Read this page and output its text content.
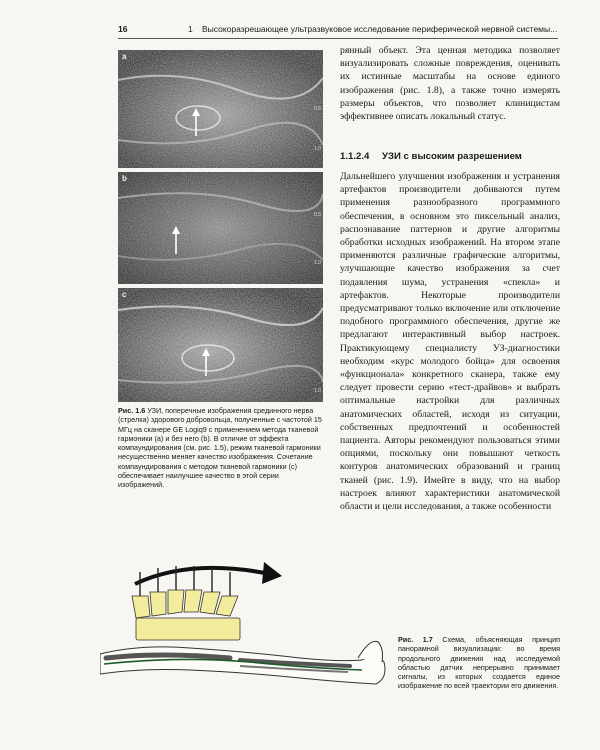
16	1 Высокоразрешающее ультразвуковое исследование периферической нервной системы...
0.5
1.0
a
0.5
1.0
b
1.0
c
Рис. 1.6 УЗИ, поперечные изображения срединного нерва (стрелка) здорового добровольца, полученные с частотой 15 МГц на сканере GE Logiq9 с применением метода тканевой гармоники (a) и без него (b). В отличие от эффекта компаундирования (см. рис. 1.5), режим тканевой гармоники несущественно меняет качество изображения. Сочетание компаундирования с методом тканевой гармоники (c) обеспечивает наилучшее качество в этой серии изображений.

рянный объект. Эта ценная методика позволяет визуализировать сложные повреждения, оценивать их истинные масштабы на основе единого изображения (рис. 1.8), а также точно измерять размеры объектов, что позволяет клиницистам эффективнее описать локальный статус.

1.1.2.4 УЗИ с высоким разрешением

Дальнейшего улучшения изображения и устранения артефактов производители добиваются путем применения разнообразного программного обеспечения, в основном это пиксельный анализ, распознавание паттернов и другие алгоритмы обработки исходных изображений. На втором этапе применяются различные графические алгоритмы, улучшающие качество изображения за счет подавления шума, устранения «спекла» и артефактов. Некоторые производители предусматривают только включение или отключение подобного программного обеспечения, другие же предлагают интерактивный выбор настроек. Практикующему специалисту УЗ-диагностики необходим «курс молодого бойца» для освоения «функционала» конкретного сканера, также ему следует провести серию «тест-драйвов» и выбрать оптимальные настройки для различных анатомических областей, исходя из ситуации, собственных предпочтений и особенностей пациента. Авторы рекомендуют пользоваться этими опциями, поскольку они повышают четкость контуров анатомических образований и границ тканей (рис. 1.9). Имейте в виду, что на выбор настроек влияют характеристики анатомической области и цели исследования, а также особенности

Рис. 1.7 Схема, объясняющая принцип панорамной визуализации: во время продольного движения над исследуемой областью датчик непрерывно принимает сигналы, из которых создается единое изображение по всей траектории его движения.
